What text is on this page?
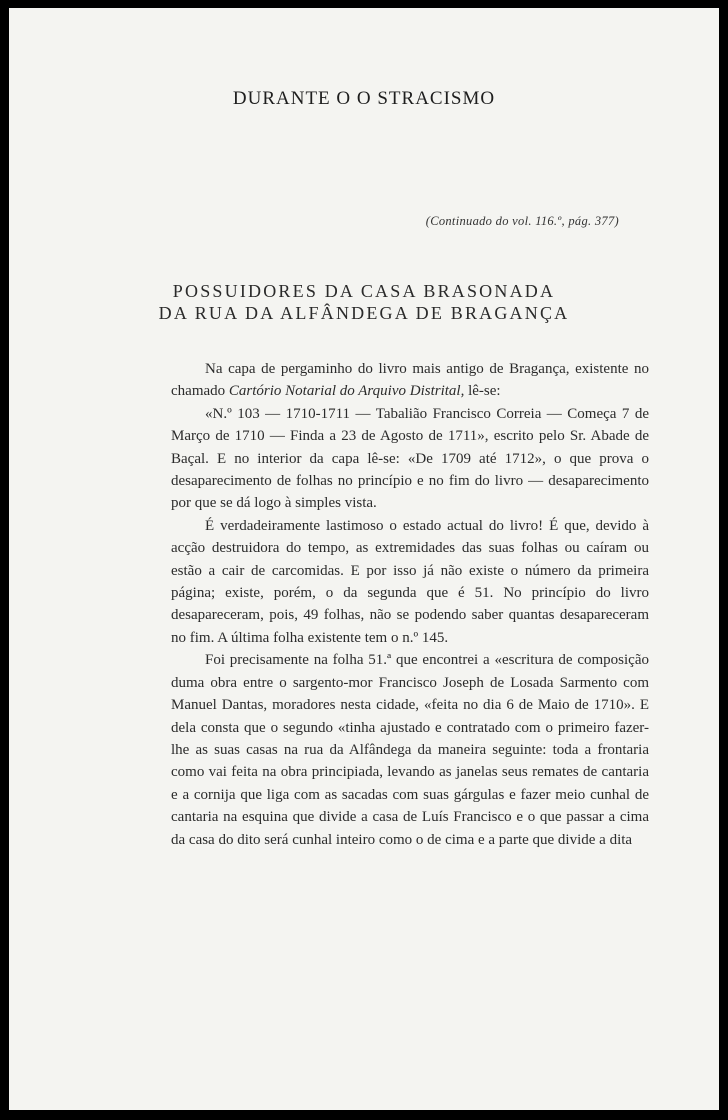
DURANTE O O STRACISMO
(Continuado do vol. 116.º, pág. 377)
POSSUIDORES DA CASA BRASONADA
DA RUA DA ALFÂNDEGA DE BRAGANÇA

Na capa de pergaminho do livro mais antigo de Bragança, existente no chamado Cartório Notarial do Arquivo Distrital, lê-se:

«N.º 103 — 1710-1711 — Tabalião Francisco Correia — Começa 7 de Março de 1710 — Finda a 23 de Agosto de 1711», escrito pelo Sr. Abade de Baçal. E no interior da capa lê-se: «De 1709 até 1712», o que prova o desaparecimento de folhas no princípio e no fim do livro — desaparecimento por que se dá logo à simples vista.

É verdadeiramente lastimoso o estado actual do livro! É que, devido à acção destruidora do tempo, as extremidades das suas folhas ou caíram ou estão a cair de carcomidas. E por isso já não existe o número da primeira página; existe, porém, o da segunda que é 51. No princípio do livro desapareceram, pois, 49 folhas, não se podendo saber quantas desapareceram no fim. A última folha existente tem o n.º 145.

Foi precisamente na folha 51.ª que encontrei a «escritura de composição duma obra entre o sargento-mor Francisco Joseph de Losada Sarmento com Manuel Dantas, moradores nesta cidade, «feita no dia 6 de Maio de 1710». E dela consta que o segundo «tinha ajustado e contratado com o primeiro fazer-lhe as suas casas na rua da Alfândega da maneira seguinte: toda a frontaria como vai feita na obra principiada, levando as janelas seus remates de cantaria e a cornija que liga com as sacadas com suas gárgulas e fazer meio cunhal de cantaria na esquina que divide a casa de Luís Francisco e o que passar a cima da casa do dito será cunhal inteiro como o de cima e a parte que divide a dita
